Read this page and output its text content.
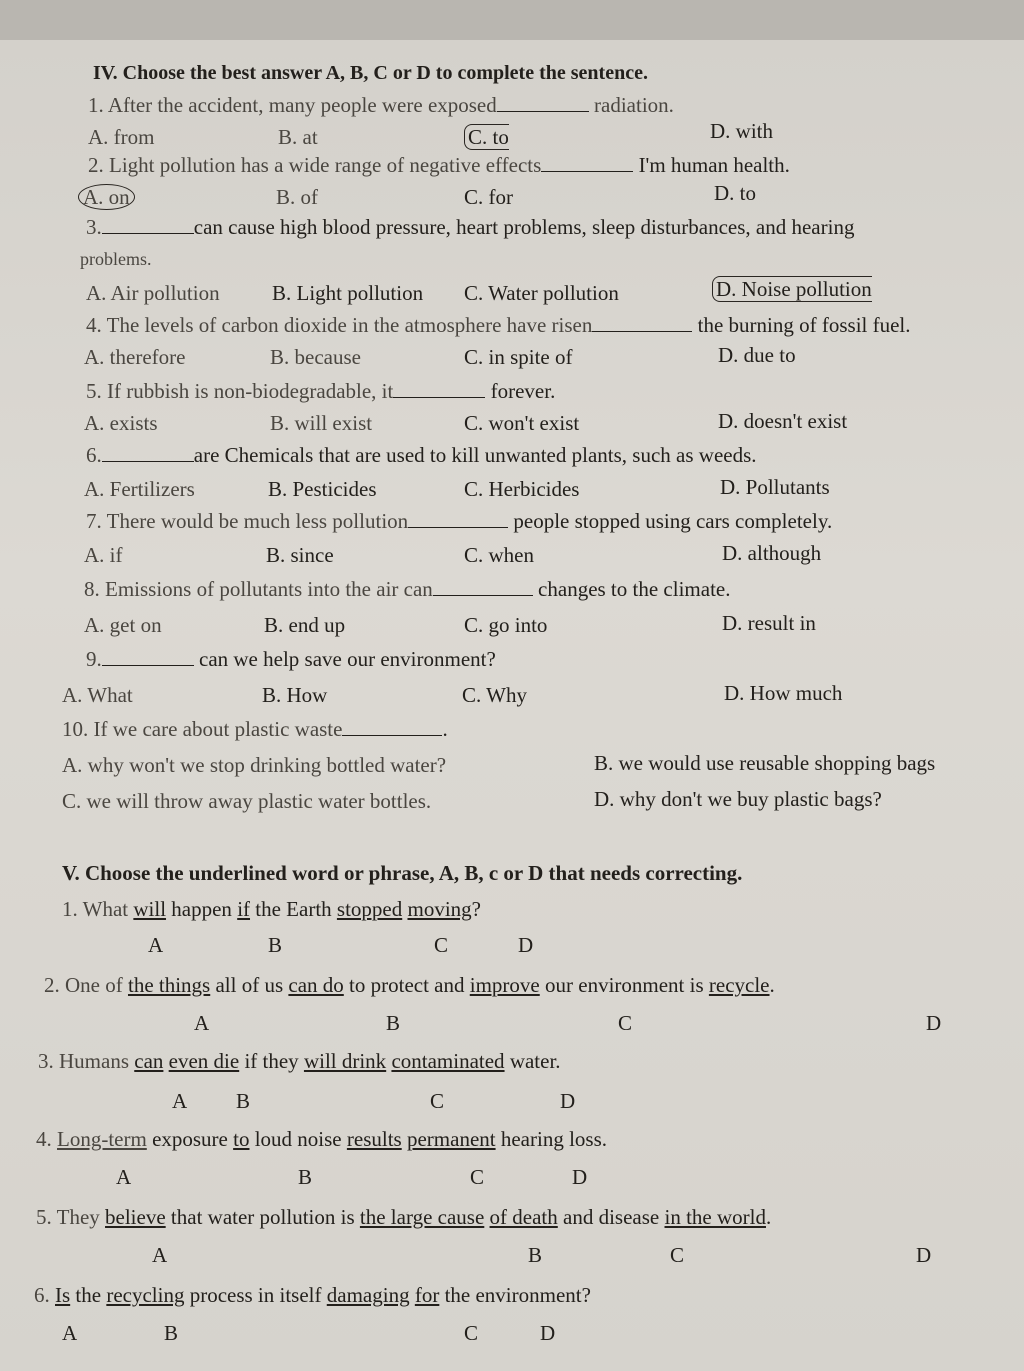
IV. Choose the best answer A, B, C or D to complete the sentence.
1. After the accident, many people were exposed	radiation.
A. from	B. at	C. to	D. with
2. Light pollution has a wide range of negative effects	I'm human health.
A. on	B. of	C. for	D. to
3.	can cause high blood pressure, heart problems, sleep disturbances, and hearing
problems.
A. Air pollution B. Light pollution C. Water pollution	D. Noise pollution
4. The levels of carbon dioxide in the atmosphere have risen	the burning of fossil fuel.
A. therefore	B. because	C. in spite of	D. due to
5. If rubbish is non-biodegradable, it	forever.
A. exists	B. will exist	C. won't exist	D. doesn't exist
6.	are Chemicals that are used to kill unwanted plants, such as weeds.
A. Fertilizers	B. Pesticides	C. Herbicides	D. Pollutants
7. There would be much less pollution	people stopped using cars completely.
A. if	B. since	C. when	D. although
8. Emissions of pollutants into the air can	changes to the climate.
A. get on	B. end up	C. go into	D. result in
9.	can we help save our environment?
A. What	B. How	C. Why	D. How much
10. If we care about plastic waste	.
A. why won't we stop drinking bottled water?	B. we would use reusable shopping bags
C. we will throw away plastic water bottles.	D. why don't we buy plastic bags?
V. Choose the underlined word or phrase, A, B, c or D that needs correcting.
1. What will happen if the Earth stopped moving?
A	B	C	D
2. One of the things all of us can do to protect and improve our environment is recycle.
A	B	C	D
3. Humans can even die if they will drink contaminated water.
A B	C	D
4. Long-term exposure to loud noise results permanent hearing loss.
A	B	C	D
5. They believe that water pollution is the large cause of death and disease in the world.
A	B	C	D
6. Is the recycling process in itself damaging for the environment?
A	B	C	D
